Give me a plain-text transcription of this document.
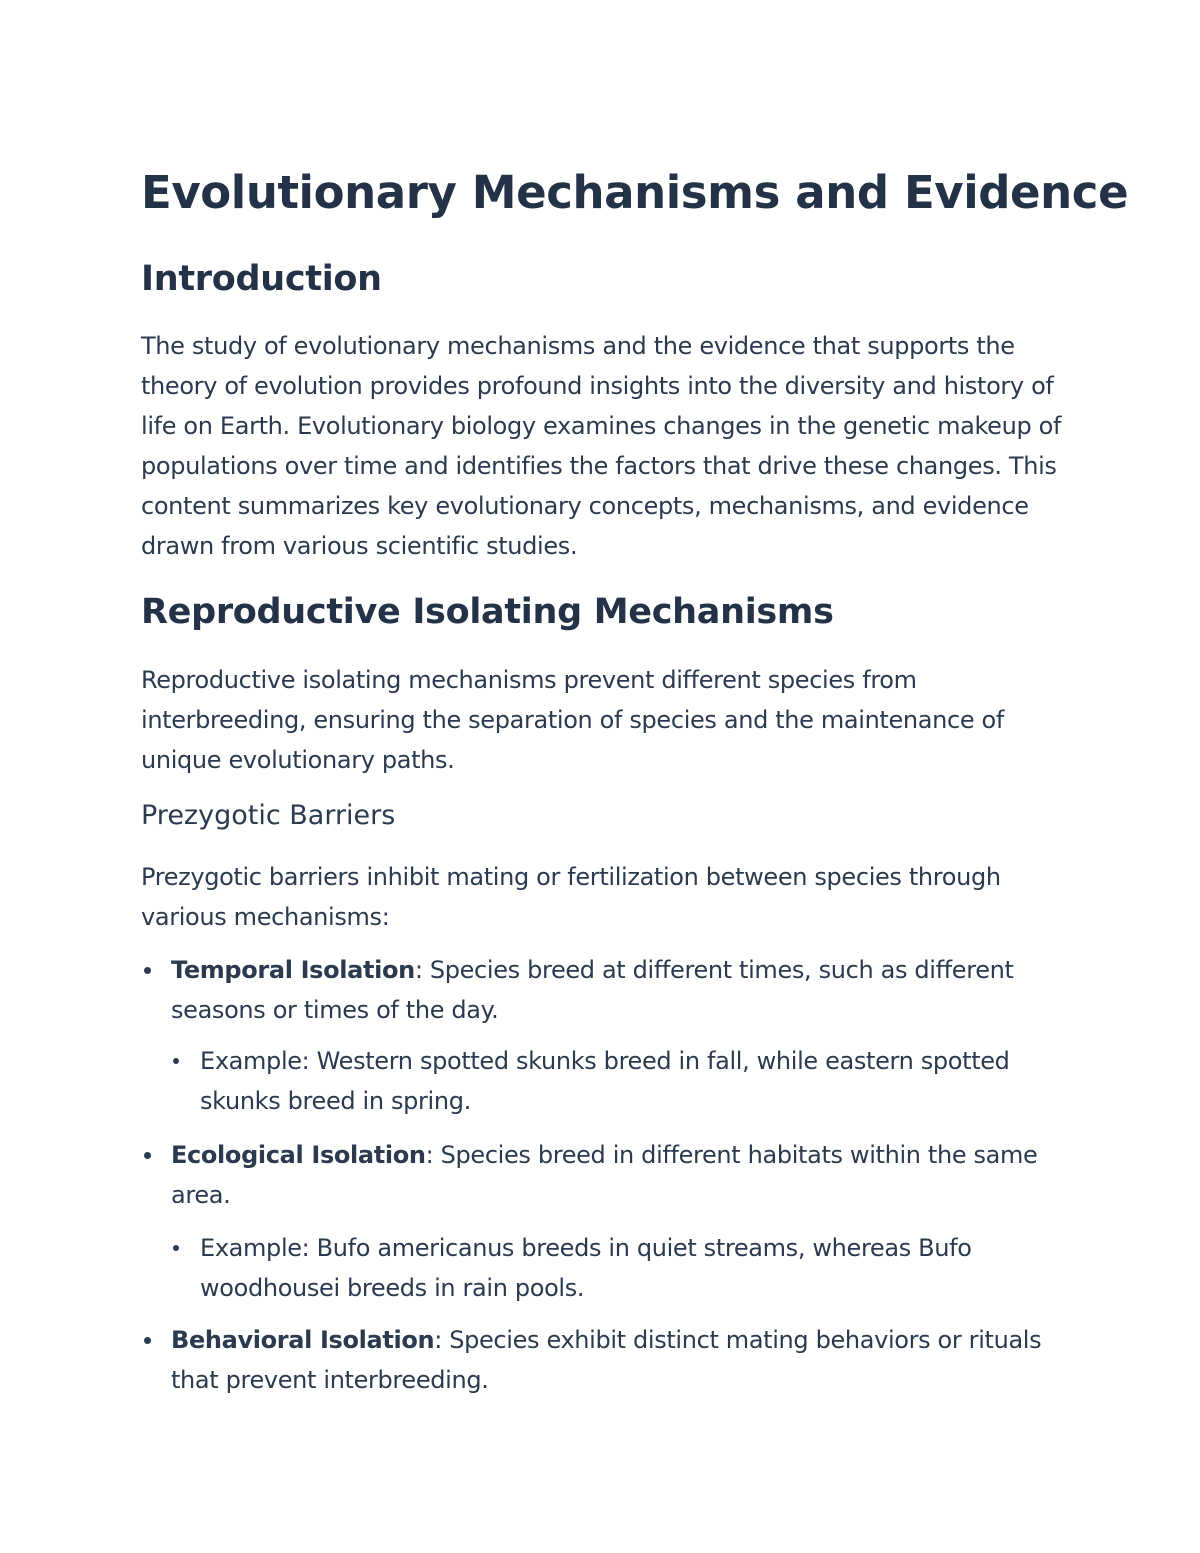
Evolutionary Mechanisms and Evidence
Introduction

The study of evolutionary mechanisms and the evidence that supports the theory of evolution provides profound insights into the diversity and history of life on Earth. Evolutionary biology examines changes in the genetic makeup of populations over time and identifies the factors that drive these changes. This content summarizes key evolutionary concepts, mechanisms, and evidence drawn from various scientific studies.

Reproductive Isolating Mechanisms

Reproductive isolating mechanisms prevent different species from interbreeding, ensuring the separation of species and the maintenance of unique evolutionary paths.

Prezygotic Barriers

Prezygotic barriers inhibit mating or fertilization between species through various mechanisms:

Temporal Isolation: Species breed at different times, such as different seasons or times of the day.
Example: Western spotted skunks breed in fall, while eastern spotted skunks breed in spring.
Ecological Isolation: Species breed in different habitats within the same area.
Example: Bufo americanus breeds in quiet streams, whereas Bufo woodhousei breeds in rain pools.
Behavioral Isolation: Species exhibit distinct mating behaviors or rituals that prevent interbreeding.
